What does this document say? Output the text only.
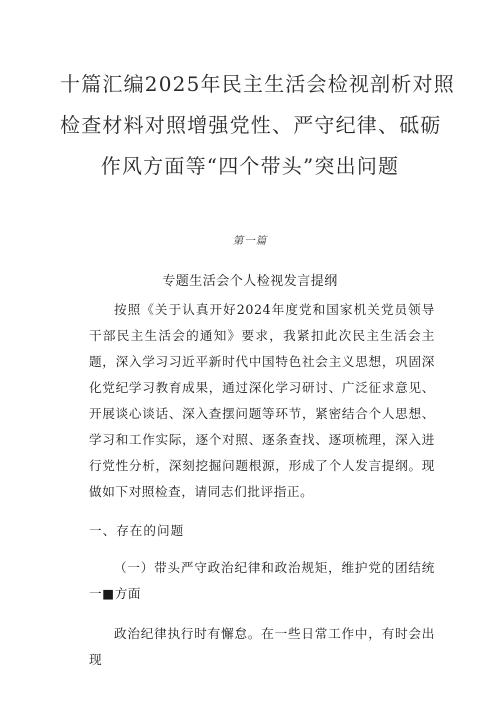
十篇汇编2025年民主生活会检视剖析对照
检查材料对照增强党性、严守纪律、砥砺
作风方面等“四个带头”突出问题
第一篇
专题生活会个人检视发言提纲

按照《关于认真开好2024年度党和国家机关党员领导干部民主生活会的通知》要求，我紧扣此次民主生活会主题，深入学习习近平新时代中国特色社会主义思想，巩固深化党纪学习教育成果，通过深化学习研讨、广泛征求意见、开展谈心谈话、深入查摆问题等环节，紧密结合个人思想、学习和工作实际，逐个对照、逐条查找、逐项梳理，深入进行党性分析，深刻挖掘问题根源，形成了个人发言提纲。现做如下对照检查，请同志们批评指正。

一、存在的问题

（一）带头严守政治纪律和政治规矩，维护党的团结统一■方面

政治纪律执行时有懈怠。在一些日常工作中，有时会出现
